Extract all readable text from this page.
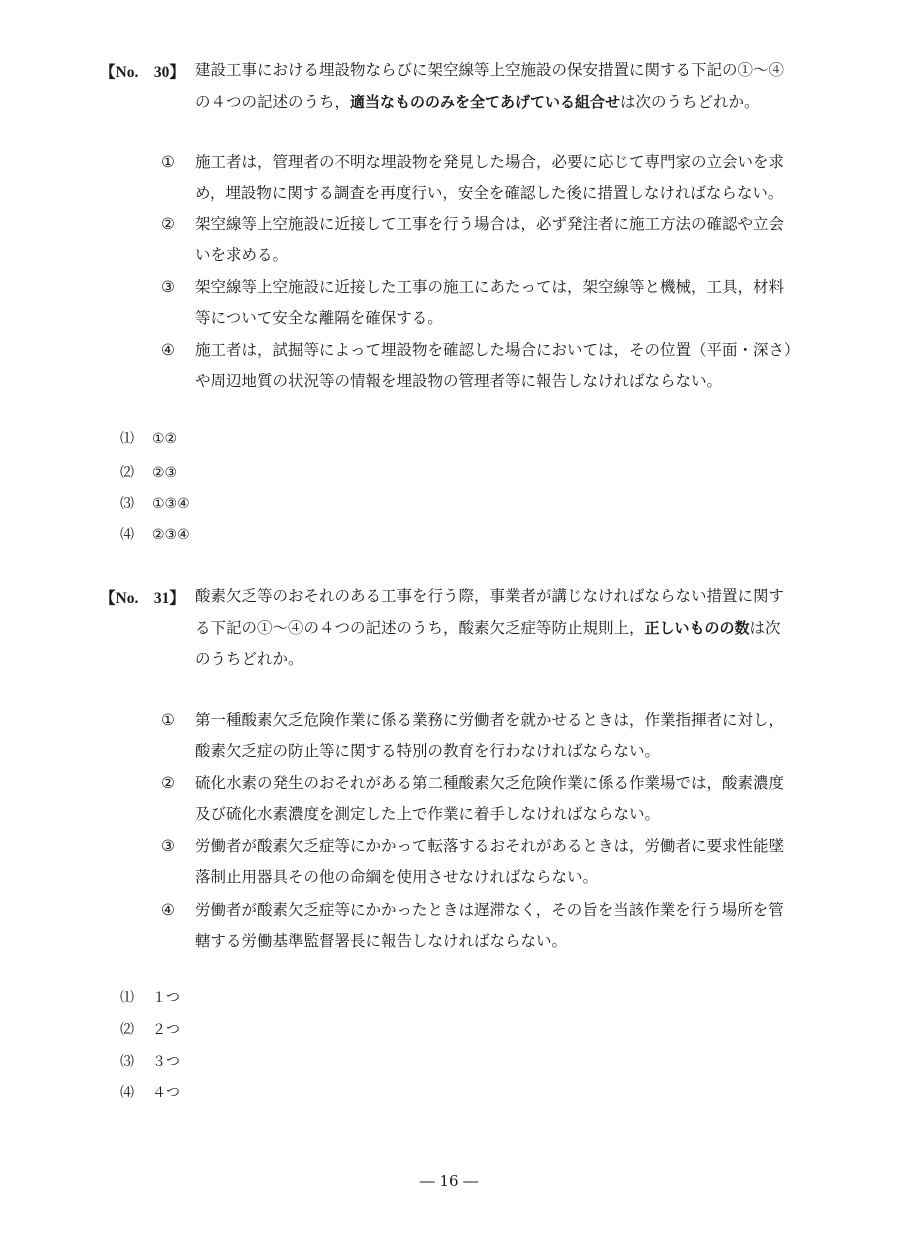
【No.　30】 建設工事における埋設物ならびに架空線等上空施設の保安措置に関する下記の①～④
の４つの記述のうち，適当なもののみを全てあげている組合せは次のうちどれか。
① 施工者は，管理者の不明な埋設物を発見した場合，必要に応じて専門家の立会いを求
め，埋設物に関する調査を再度行い，安全を確認した後に措置しなければならない。
② 架空線等上空施設に近接して工事を行う場合は，必ず発注者に施工方法の確認や立会
いを求める。
③ 架空線等上空施設に近接した工事の施工にあたっては，架空線等と機械，工具，材料
等について安全な離隔を確保する。
④ 施工者は，試掘等によって埋設物を確認した場合においては，その位置（平面・深さ）
や周辺地質の状況等の情報を埋設物の管理者等に報告しなければならない。
⑴ ①②
⑵ ②③
⑶ ①③④
⑷ ②③④
【No.　31】 酸素欠乏等のおそれのある工事を行う際，事業者が講じなければならない措置に関す
る下記の①～④の４つの記述のうち，酸素欠乏症等防止規則上，正しいものの数は次
のうちどれか。
① 第一種酸素欠乏危険作業に係る業務に労働者を就かせるときは，作業指揮者に対し，
酸素欠乏症の防止等に関する特別の教育を行わなければならない。
② 硫化水素の発生のおそれがある第二種酸素欠乏危険作業に係る作業場では，酸素濃度
及び硫化水素濃度を測定した上で作業に着手しなければならない。
③ 労働者が酸素欠乏症等にかかって転落するおそれがあるときは，労働者に要求性能墜
落制止用器具その他の命綱を使用させなければならない。
④ 労働者が酸素欠乏症等にかかったときは遅滞なく，その旨を当該作業を行う場所を管
轄する労働基準監督署長に報告しなければならない。
⑴ １つ
⑵ ２つ
⑶ ３つ
⑷ ４つ
― 16 ―
